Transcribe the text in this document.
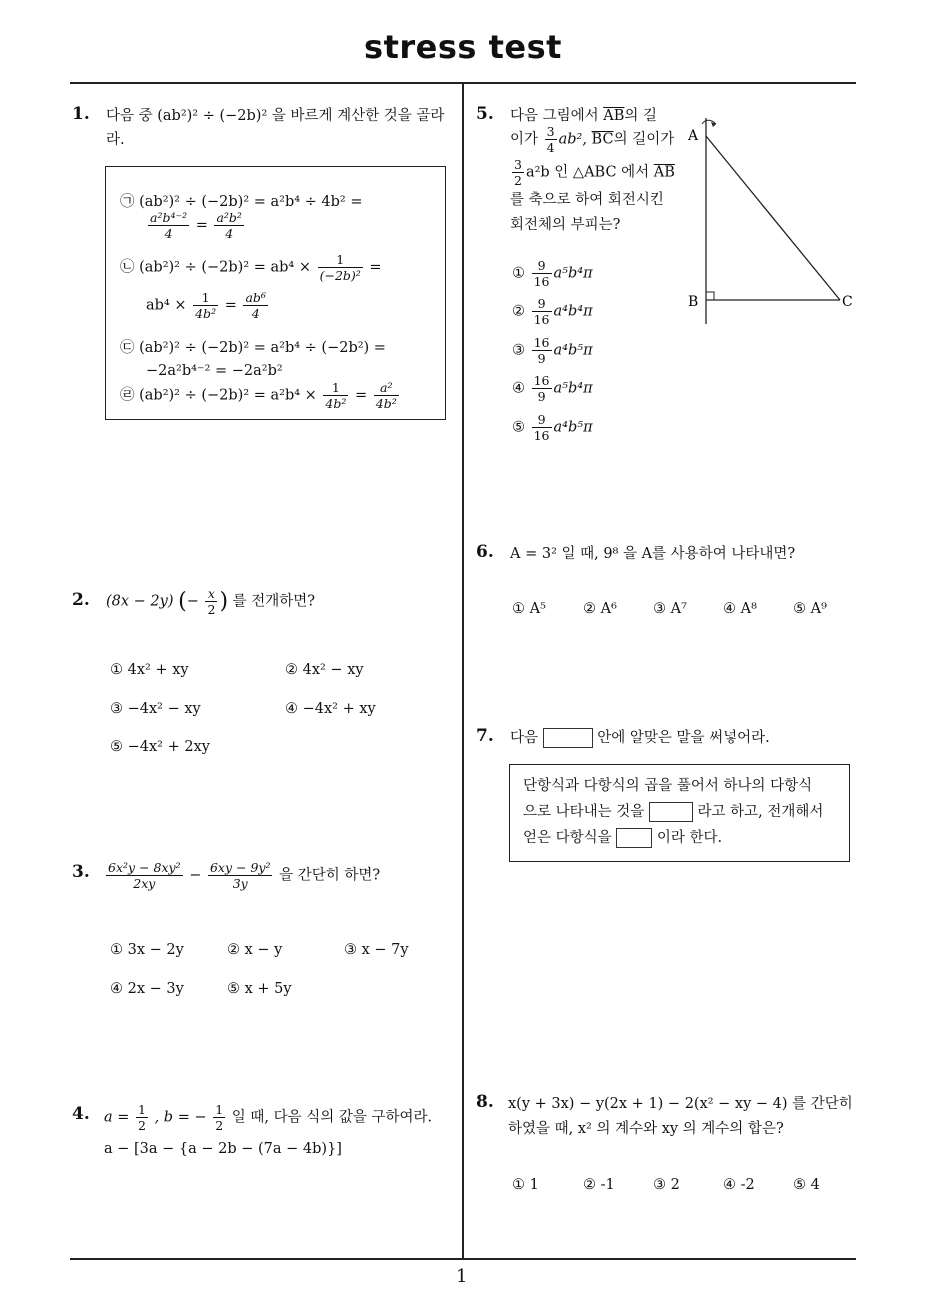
stress test
1
1. 다음 중 (ab²)² ÷ (−2b)² 을 바르게 계산한 것을 골라
라.
㉠ (ab²)² ÷ (−2b)² = a²b⁴ ÷ 4b² =
$\frac{\text{a²b⁴⁻²}}{4} = \frac{\text{a²b²}}{4}$
㉡ $(ab^2)^2 \div (-2b)^2 = ab^4 \times \frac{1}{\text{(−2b)²}}$ =
$ab^4 \times \frac{1}{\text{4b²}} = \frac{\text{ab⁶}}{4}$
㉢ (ab²)² ÷ (−2b)² = a²b⁴ ÷ (−2b²) =
−2a²b⁴⁻² = −2a²b²
㉣ $(ab^2)^2 \div (-2b)^2 = a^2b^4 \times \frac{1}{\text{4b²}} = \frac{\text{a²}}{\text{4b²}}$
2. (8x − 2y) (− $\frac{x}{2}$ ) 를 전개하면?
① 4x² + xy	② 4x² − xy
③ −4x² − xy	④ −4x² + xy
⑤ −4x² + 2xy
3. $\frac{\text{6x²y − 8xy²}}{2xy} - \frac{\text{6xy − 9y²}}{3y}$ 을 간단히 하면?
① 3x − 2y	② x − y	③ x − 7y
④ 2x − 3y	⑤ x + 5y
4. $a = \frac{1}{2}$ , b = − $\frac{1}{2}$ 일 때, 다음 식의 값을 구하여라.
a − [3a − {a − 2b − (7a − 4b)}]
5. 다음 그림에서 $\overline{AB}$의 길
이가 $\frac{3}{4} ab^2$, $\overline{BC}$의 길이가
$\frac{3}{2} a^2b$ 인 △ABC 에서 $\overline{AB}$
를 축으로 하여 회전시킨
회전체의 부피는?
① $\frac{9}{16} a^5b^4\pi$
② $\frac{9}{16} a^4b^4\pi$
③ $\frac{16}{9} a^4b^5\pi$
④ $\frac{16}{9} a^5b^4\pi$
⑤ $\frac{9}{16} a^4b^5\pi$
A
B	C
6. A = 3² 일 때, 9⁸ 을 A를 사용하여 나타내면?
① A⁵	② A⁶ ③ A⁷ ④ A⁸ ⑤ A⁹
7. 다음	안에 알맞은 말을 써넣어라.
단항식과 다항식의 곱을 풀어서 하나의 다항식
으로 나타내는 것을	라고 하고, 전개해서
얻은 다항식을	이라 한다.
8. x(y + 3x) − y(2x + 1) − 2(x² − xy − 4) 를 간단히
하였을 때, x² 의 계수와 xy 의 계수의 합은?
① 1	② -1	③ 2	④ -2	⑤ 4
